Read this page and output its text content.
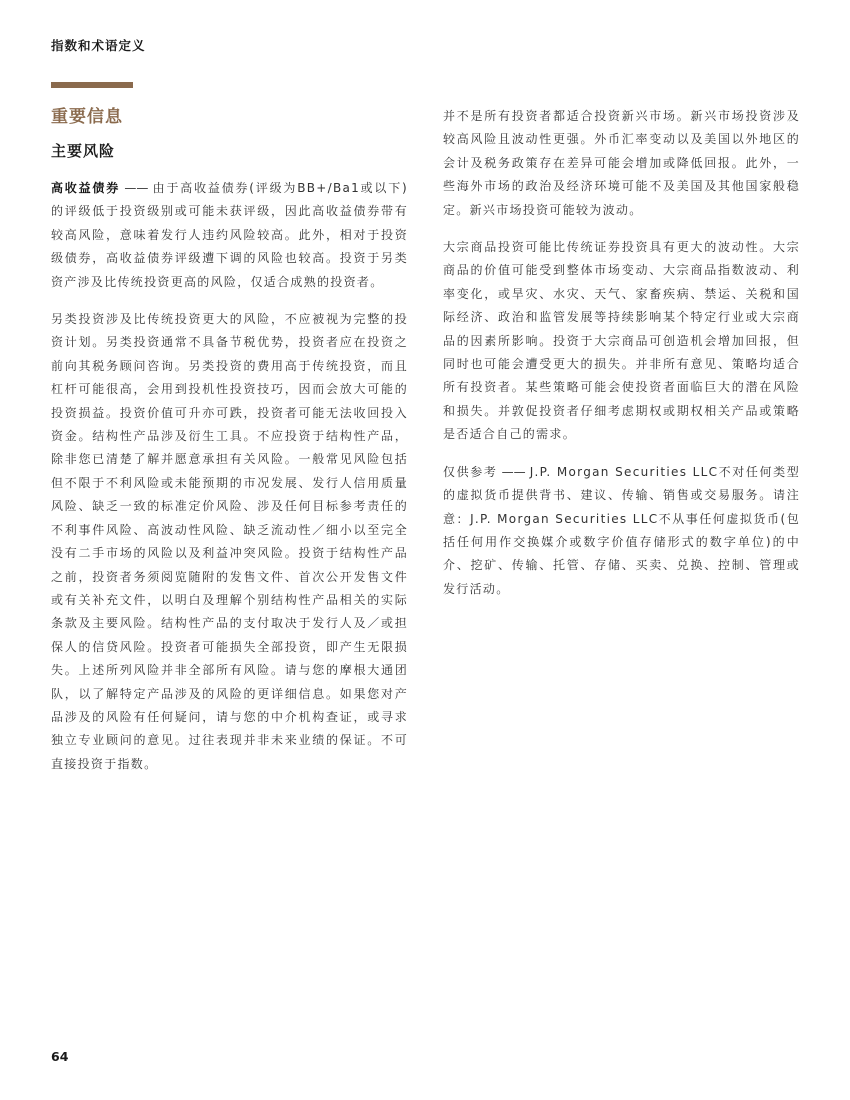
指数和术语定义
重要信息
主要风险

高收益债券 —— 由于高收益债券(评级为BB+/Ba1或以下)的评级低于投资级别或可能未获评级，因此高收益债券带有较高风险，意味着发行人违约风险较高。此外，相对于投资级债券，高收益债券评级遭下调的风险也较高。投资于另类资产涉及比传统投资更高的风险，仅适合成熟的投资者。

另类投资涉及比传统投资更大的风险，不应被视为完整的投资计划。另类投资通常不具备节税优势，投资者应在投资之前向其税务顾问咨询。另类投资的费用高于传统投资，而且杠杆可能很高，会用到投机性投资技巧，因而会放大可能的投资损益。投资价值可升亦可跌，投资者可能无法收回投入资金。结构性产品涉及衍生工具。不应投资于结构性产品，除非您已清楚了解并愿意承担有关风险。一般常见风险包括但不限于不利风险或未能预期的市况发展、发行人信用质量风险、缺乏一致的标准定价风险、涉及任何目标参考责任的不利事件风险、高波动性风险、缺乏流动性／细小以至完全没有二手市场的风险以及利益冲突风险。投资于结构性产品之前，投资者务须阅览随附的发售文件、首次公开发售文件或有关补充文件，以明白及理解个别结构性产品相关的实际条款及主要风险。结构性产品的支付取决于发行人及／或担保人的信贷风险。投资者可能损失全部投资，即产生无限损失。上述所列风险并非全部所有风险。请与您的摩根大通团队，以了解特定产品涉及的风险的更详细信息。如果您对产品涉及的风险有任何疑问，请与您的中介机构查证，或寻求独立专业顾问的意见。过往表现并非未来业绩的保证。不可直接投资于指数。

并不是所有投资者都适合投资新兴市场。新兴市场投资涉及较高风险且波动性更强。外币汇率变动以及美国以外地区的会计及税务政策存在差异可能会增加或降低回报。此外，一些海外市场的政治及经济环境可能不及美国及其他国家般稳定。新兴市场投资可能较为波动。

大宗商品投资可能比传统证券投资具有更大的波动性。大宗商品的价值可能受到整体市场变动、大宗商品指数波动、利率变化，或旱灾、水灾、天气、家畜疾病、禁运、关税和国际经济、政治和监管发展等持续影响某个特定行业或大宗商品的因素所影响。投资于大宗商品可创造机会增加回报，但同时也可能会遭受更大的损失。并非所有意见、策略均适合所有投资者。某些策略可能会使投资者面临巨大的潜在风险和损失。并敦促投资者仔细考虑期权或期权相关产品或策略是否适合自己的需求。

仅供参考 —— J.P. Morgan Securities LLC不对任何类型的虚拟货币提供背书、建议、传输、销售或交易服务。请注意：J.P. Morgan Securities LLC不从事任何虚拟货币(包括任何用作交换媒介或数字价值存储形式的数字单位)的中介、挖矿、传输、托管、存储、买卖、兑换、控制、管理或发行活动。

64
